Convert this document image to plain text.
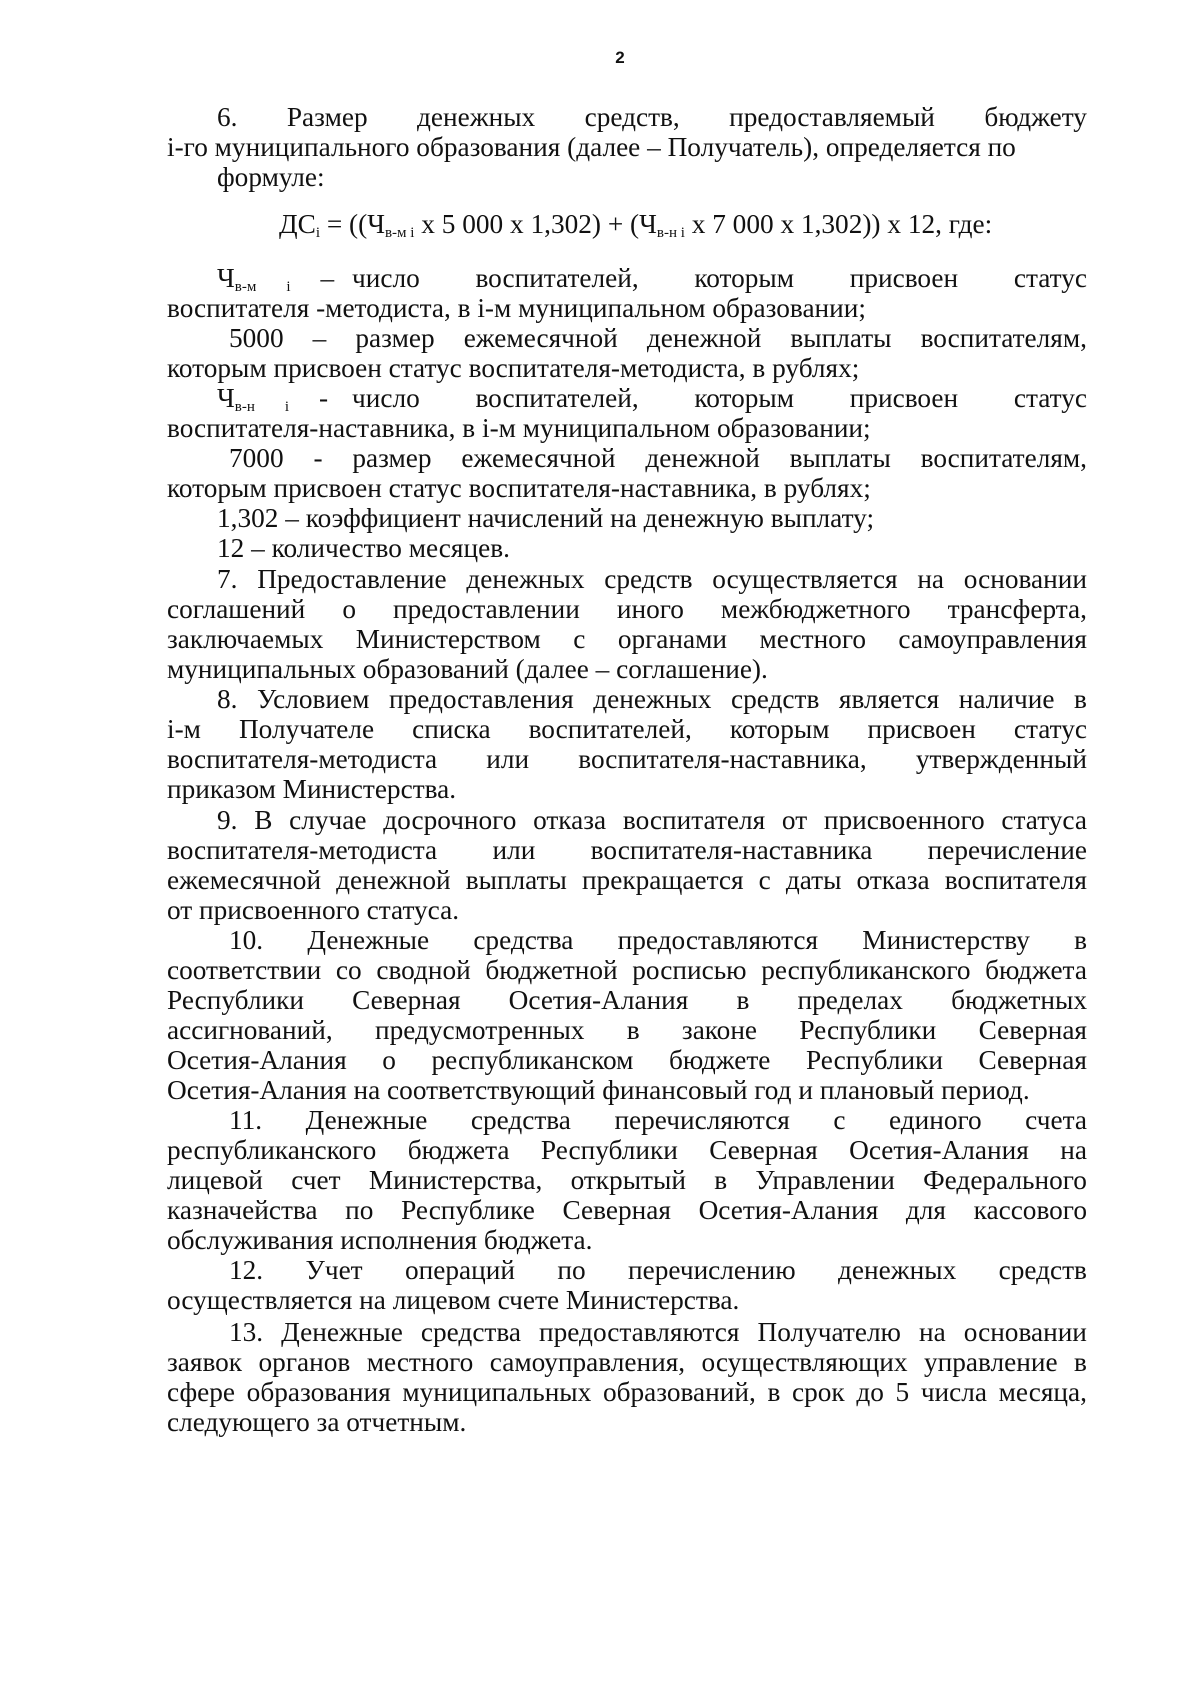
2
6. Размер денежных средств, предоставляемый бюджету
i-го муниципального образования (далее – Получатель), определяется по
формуле:
$ДС_i = ((Ч_{в-м i}$ х 5 000 х $1,302) + (Ч_{в-н i}$ х 7 000 х 1,302)) х 12, где:
$Ч_{в-м}$ $_i$ – число воспитателей, которым присвоен статус
воспитателя -методиста, в i-м муниципальном образовании;
5000 – размер ежемесячной денежной выплаты воспитателям,
которым присвоен статус воспитателя-методиста, в рублях;
$Ч_{в-н}$ $_i$ - число воспитателей, которым присвоен статус
воспитателя-наставника, в i-м муниципальном образовании;
7000 - размер ежемесячной денежной выплаты воспитателям,
которым присвоен статус воспитателя-наставника, в рублях;
1,302 – коэффициент начислений на денежную выплату;
12 – количество месяцев.
7. Предоставление денежных средств осуществляется на основании
соглашений о предоставлении иного межбюджетного трансферта,
заключаемых Министерством с органами местного самоуправления
муниципальных образований (далее – соглашение).
8. Условием предоставления денежных средств является наличие в
i-м Получателе списка воспитателей, которым присвоен статус
воспитателя-методиста или воспитателя-наставника, утвержденный
приказом Министерства.
9. В случае досрочного отказа воспитателя от присвоенного статуса
воспитателя-методиста или воспитателя-наставника перечисление
ежемесячной денежной выплаты прекращается с даты отказа воспитателя
от присвоенного статуса.
10. Денежные средства предоставляются Министерству в
соответствии со сводной бюджетной росписью республиканского бюджета
Республики Северная Осетия-Алания в пределах бюджетных
ассигнований, предусмотренных в законе Республики Северная
Осетия-Алания о республиканском бюджете Республики Северная
Осетия-Алания на соответствующий финансовый год и плановый период.
11. Денежные средства перечисляются с единого счета
республиканского бюджета Республики Северная Осетия-Алания на
лицевой счет Министерства, открытый в Управлении Федерального
казначейства по Республике Северная Осетия-Алания для кассового
обслуживания исполнения бюджета.
12. Учет операций по перечислению денежных средств
осуществляется на лицевом счете Министерства.
13. Денежные средства предоставляются Получателю на основании
заявок органов местного самоуправления, осуществляющих управление в
сфере образования муниципальных образований, в срок до 5 числа месяца,
следующего за отчетным.
